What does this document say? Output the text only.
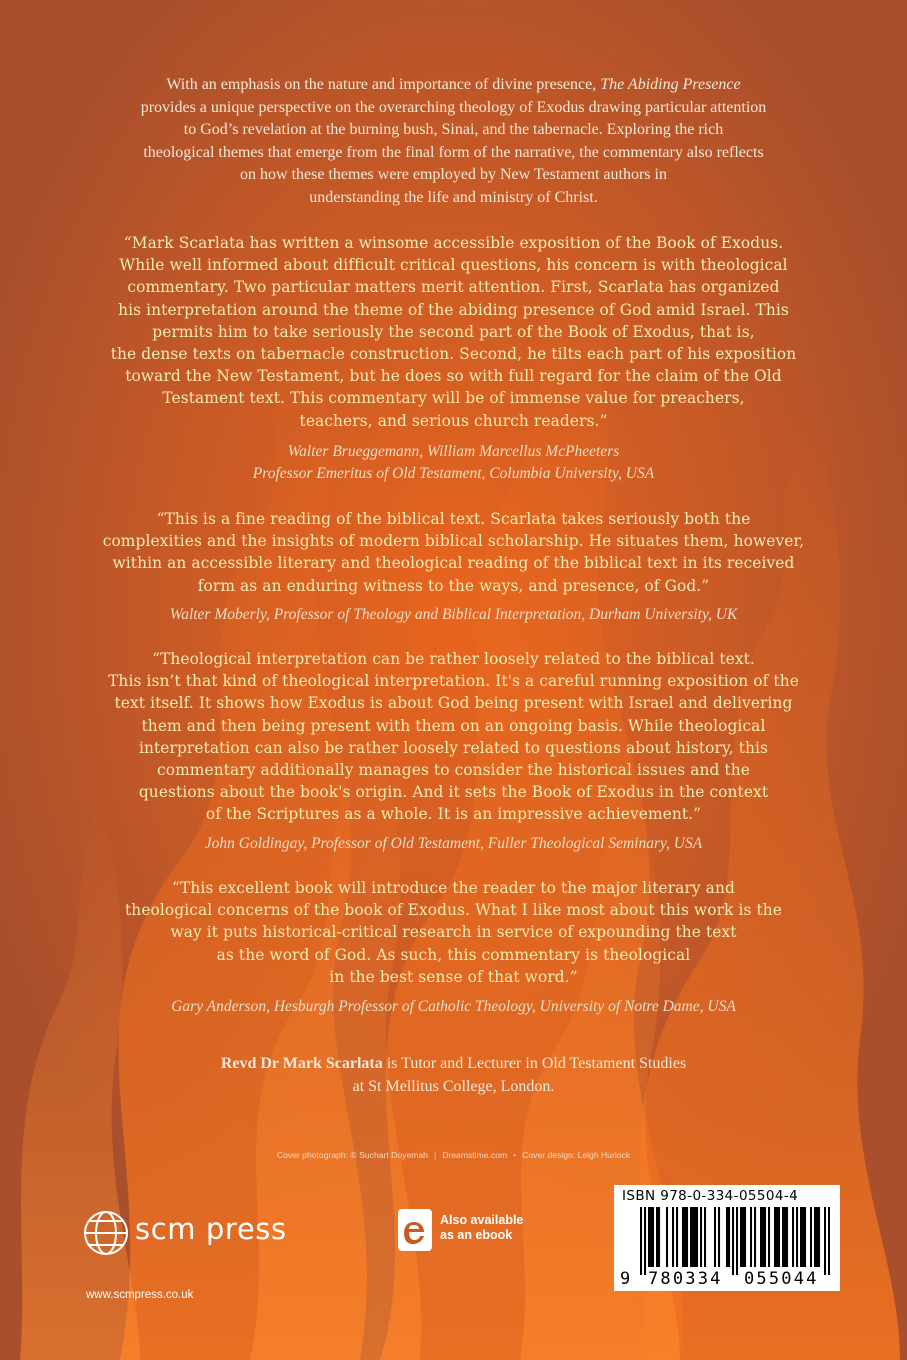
With an emphasis on the nature and importance of divine presence, The Abiding Presence
provides a unique perspective on the overarching theology of Exodus drawing particular attention
to God’s revelation at the burning bush, Sinai, and the tabernacle. Exploring the rich
theological themes that emerge from the final form of the narrative, the commentary also reflects
on how these themes were employed by New Testament authors in
understanding the life and ministry of Christ.
“Mark Scarlata has written a winsome accessible exposition of the Book of Exodus.
While well informed about difficult critical questions, his concern is with theological
commentary. Two particular matters merit attention. First, Scarlata has organized
his interpretation around the theme of the abiding presence of God amid Israel. This
permits him to take seriously the second part of the Book of Exodus, that is,
the dense texts on tabernacle construction. Second, he tilts each part of his exposition
toward the New Testament, but he does so with full regard for the claim of the Old
Testament text. This commentary will be of immense value for preachers,
teachers, and serious church readers.”
Walter Brueggemann, William Marcellus McPheeters
Professor Emeritus of Old Testament, Columbia University, USA
“This is a fine reading of the biblical text. Scarlata takes seriously both the
complexities and the insights of modern biblical scholarship. He situates them, however,
within an accessible literary and theological reading of the biblical text in its received
form as an enduring witness to the ways, and presence, of God.”
Walter Moberly, Professor of Theology and Biblical Interpretation, Durham University, UK
“Theological interpretation can be rather loosely related to the biblical text.
This isn’t that kind of theological interpretation. It's a careful running exposition of the
text itself. It shows how Exodus is about God being present with Israel and delivering
them and then being present with them on an ongoing basis. While theological
interpretation can also be rather loosely related to questions about history, this
commentary additionally manages to consider the historical issues and the
questions about the book's origin. And it sets the Book of Exodus in the context
of the Scriptures as a whole. It is an impressive achievement.”
John Goldingay, Professor of Old Testament, Fuller Theological Seminary, USA
“This excellent book will introduce the reader to the major literary and
theological concerns of the book of Exodus. What I like most about this work is the
way it puts historical-critical research in service of expounding the text
as the word of God. As such, this commentary is theological
in the best sense of that word.”
Gary Anderson, Hesburgh Professor of Catholic Theology, University of Notre Dame, USA
Revd Dr Mark Scarlata is Tutor and Lecturer in Old Testament Studies
at St Mellitus College, London.
Cover photograph: © Suchart Doyemah | Dreamstime.com • Cover design: Leigh Hurlock
scm press
www.scmpress.co.uk
Also available
as an ebook
ISBN 978-0-334-05504-4
9 780334 055044
